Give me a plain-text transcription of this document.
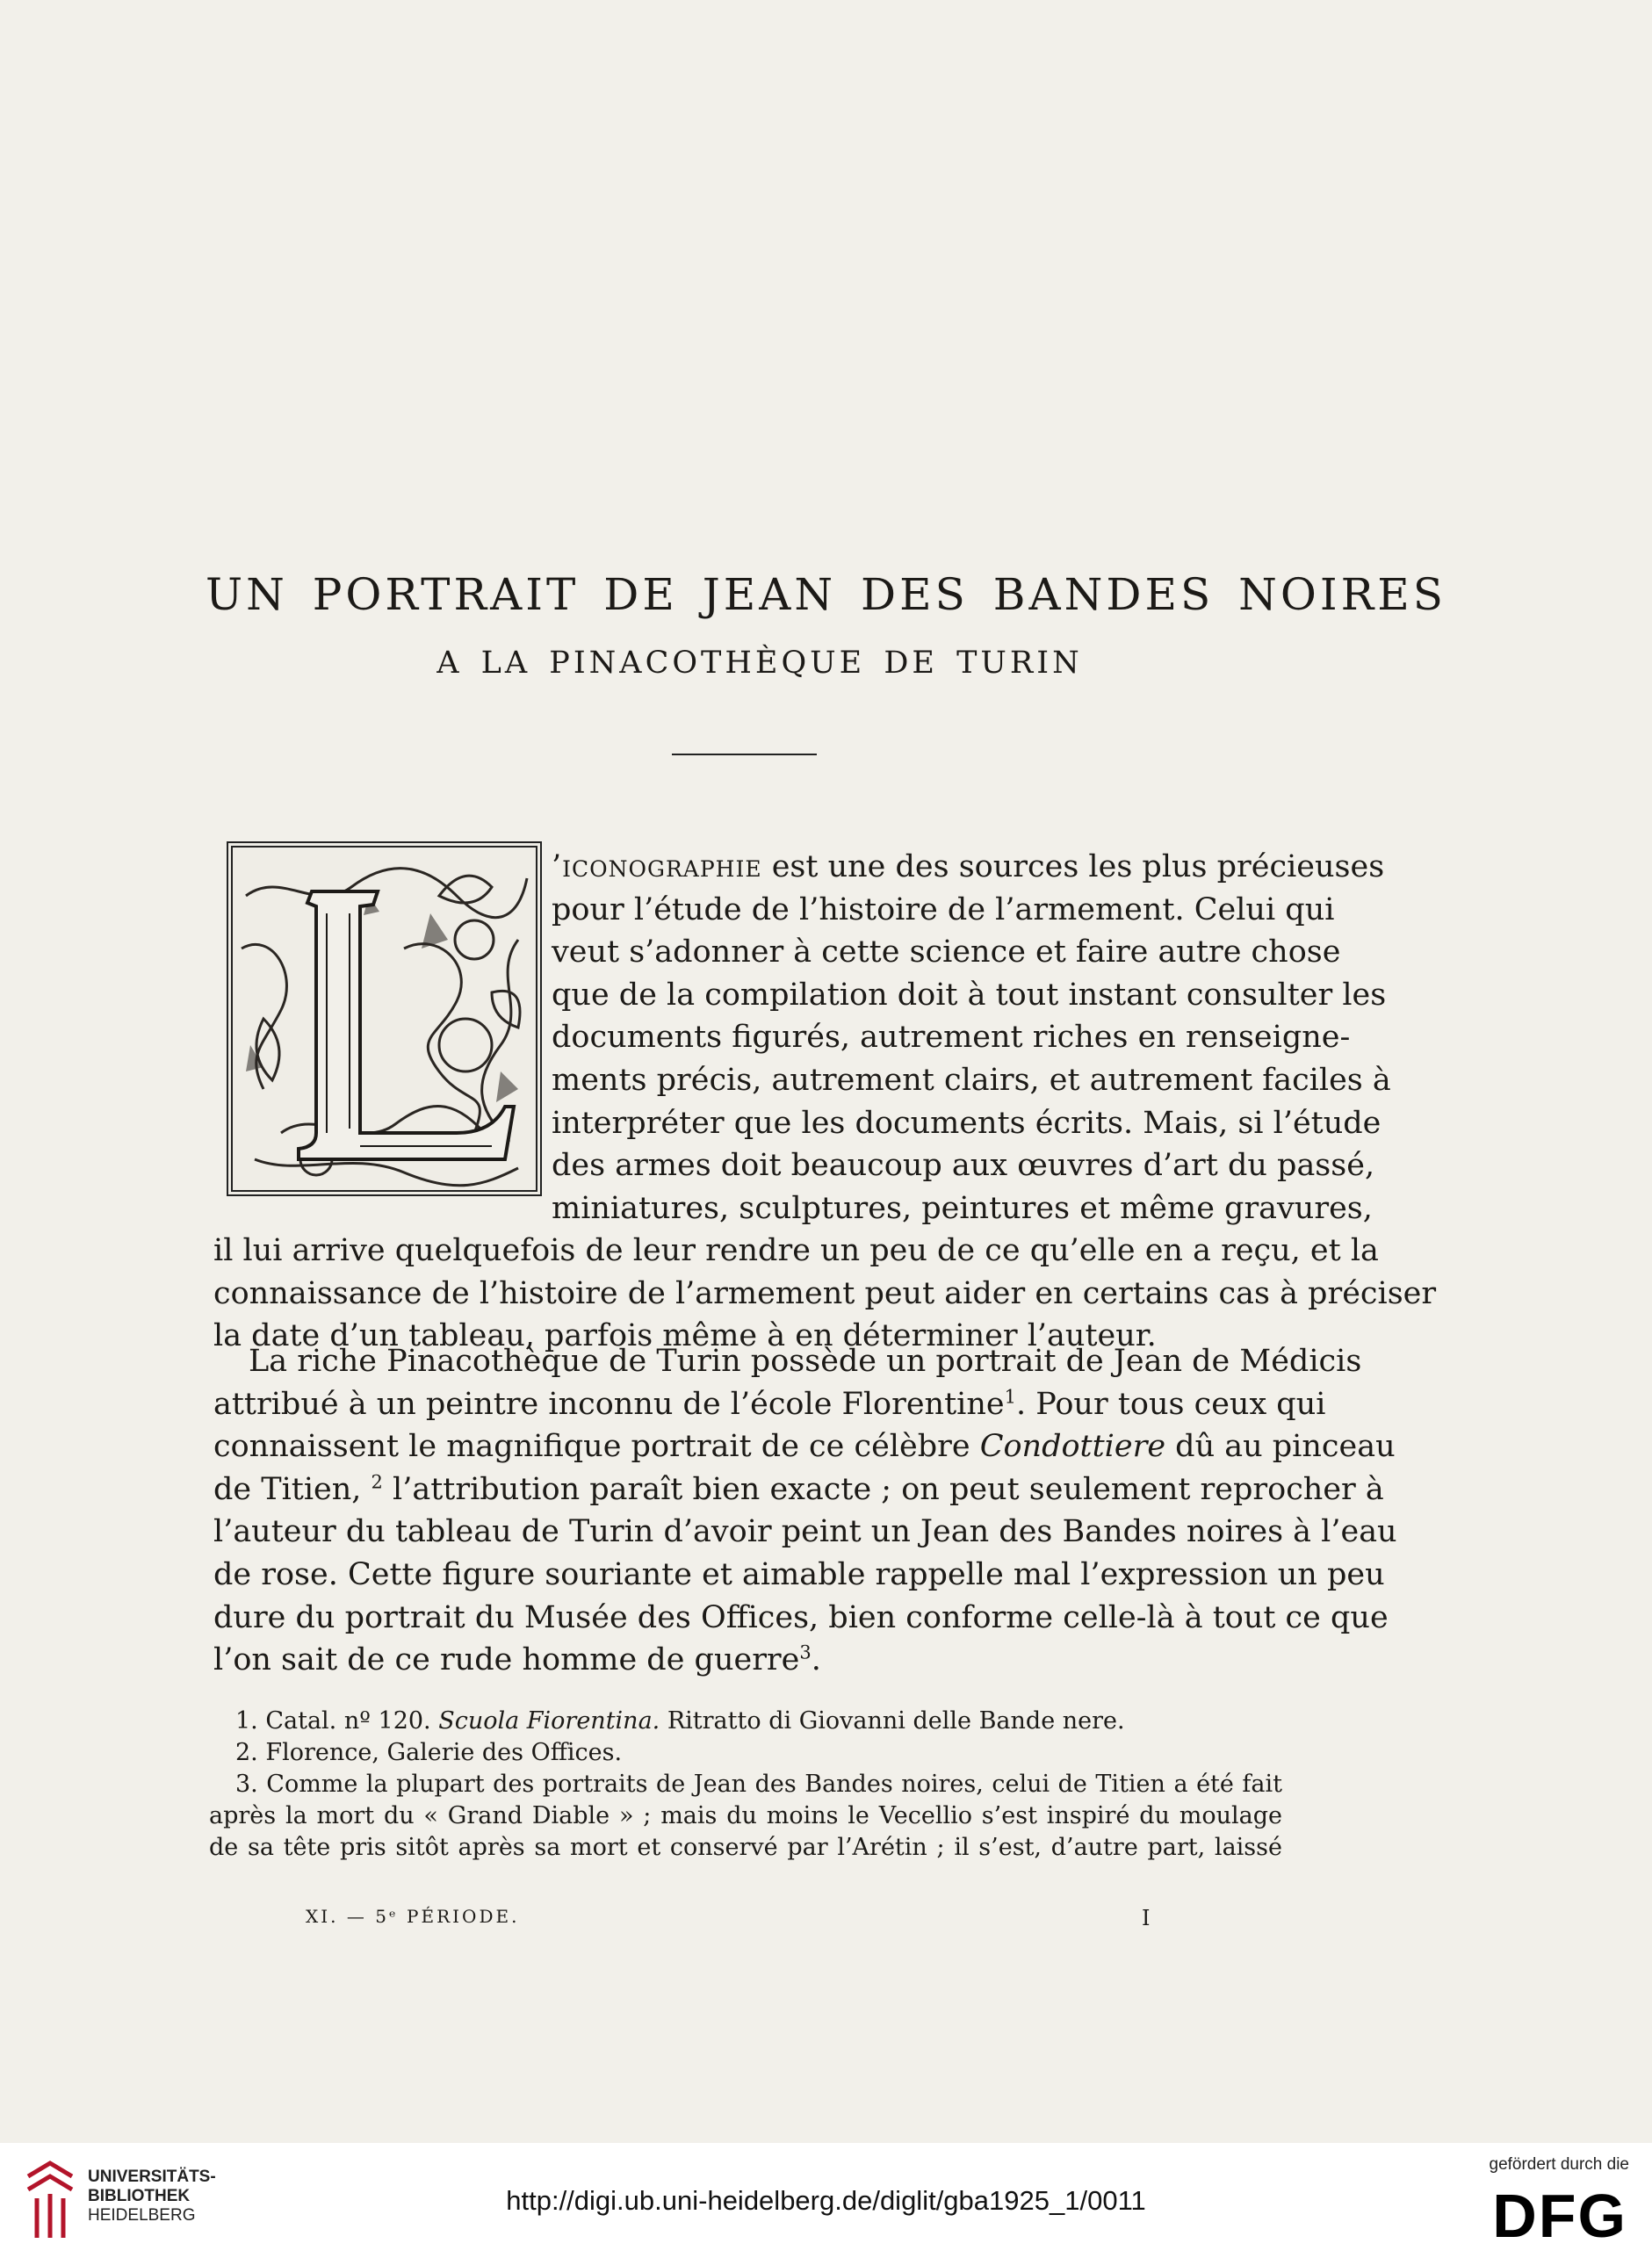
UN PORTRAIT DE JEAN DES BANDES NOIRES
A LA PINACOTHÈQUE DE TURIN
’iconographie est une des sources les plus précieuses
pour l’étude de l’histoire de l’armement. Celui qui
veut s’adonner à cette science et faire autre chose
que de la compilation doit à tout instant consulter les
documents figurés, autrement riches en renseigne-
ments précis, autrement clairs, et autrement faciles à
interpréter que les documents écrits. Mais, si l’étude
des armes doit beaucoup aux œuvres d’art du passé,
miniatures, sculptures, peintures et même gravures,
il lui arrive quelquefois de leur rendre un peu de ce qu’elle en a reçu, et la
connaissance de l’histoire de l’armement peut aider en certains cas à préciser
la date d’un tableau, parfois même à en déterminer l’auteur.
La riche Pinacothèque de Turin possède un portrait de Jean de Médicis
attribué à un peintre inconnu de l’école Florentine$^1$. Pour tous ceux qui
connaissent le magnifique portrait de ce célèbre Condottiere dû au pinceau
de Titien, $^2$ l’attribution paraît bien exacte ; on peut seulement reprocher à
l’auteur du tableau de Turin d’avoir peint un Jean des Bandes noires à l’eau
de rose. Cette figure souriante et aimable rappelle mal l’expression un peu
dure du portrait du Musée des Offices, bien conforme celle-là à tout ce que
l’on sait de ce rude homme de guerre$^3$.
1. Catal. nº 120. Scuola Fiorentina. Ritratto di Giovanni delle Bande nere.
2. Florence, Galerie des Offices.
3. Comme la plupart des portraits de Jean des Bandes noires, celui de Titien a été fait
après la mort du « Grand Diable » ; mais du moins le Vecellio s’est inspiré du moulage
de sa tête pris sitôt après sa mort et conservé par l’Arétin ; il s’est, d’autre part, laissé
XI. — 5ᵉ PÉRIODE.	I
UNIVERSITÄTS-
BIBLIOTHEK
HEIDELBERG	http://digi.ub.uni-heidelberg.de/diglit/gba1925_1/0011
gefördert durch die
DFG
